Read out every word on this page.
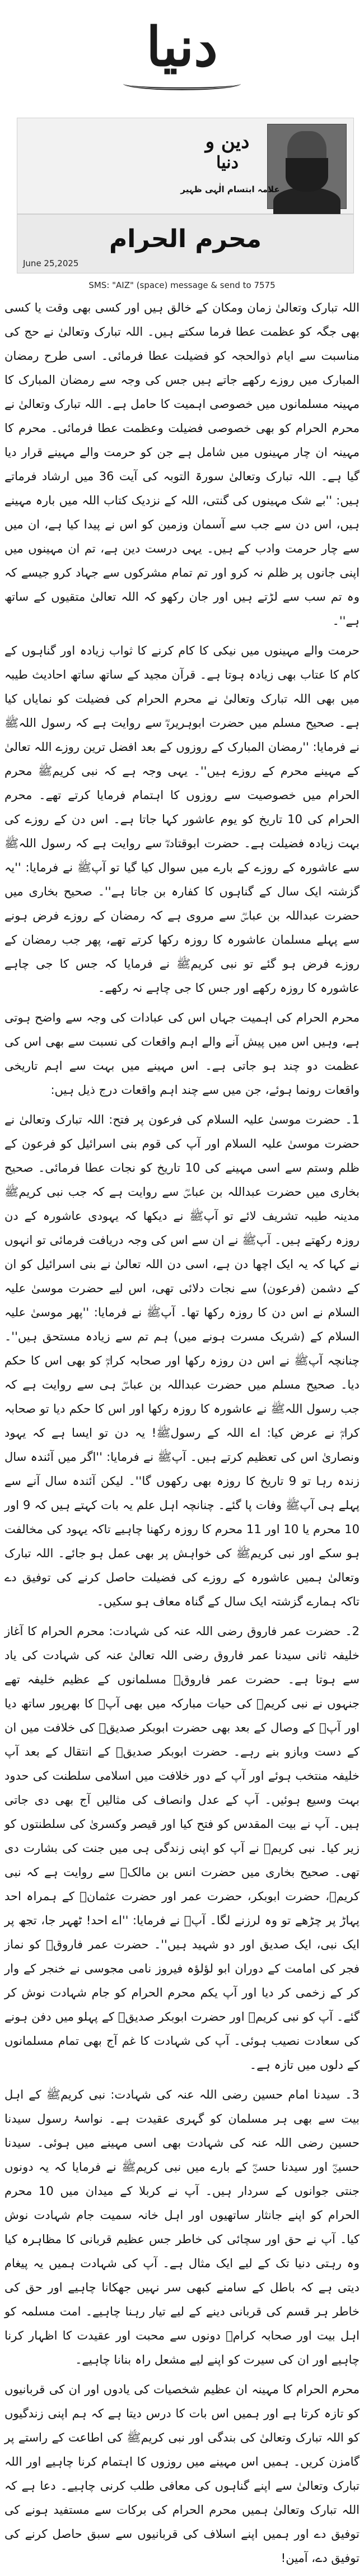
دنیا
دین و
دنیا
علامہ ابتسام الٰہی ظہیر
محرم الحرام
June 25,2025
SMS: "AIZ" (space) message & send to 7575

اللہ تبارک وتعالیٰ زمان ومکان کے خالق ہیں اور کسی بھی وقت یا کسی بھی جگہ کو عظمت عطا فرما سکتے ہیں۔ اللہ تبارک وتعالیٰ نے حج کی مناسبت سے ایام ذوالحجہ کو فضیلت عطا فرمائی۔ اسی طرح رمضان المبارک میں روزے رکھے جاتے ہیں جس کی وجہ سے رمضان المبارک کا مہینہ مسلمانوں میں خصوصی اہمیت کا حامل ہے۔ اللہ تبارک وتعالیٰ نے محرم الحرام کو بھی خصوصی فضیلت وعظمت عطا فرمائی۔ محرم کا مہینہ ان چار مہینوں میں شامل ہے جن کو حرمت والے مہینے قرار دیا گیا ہے۔ اللہ تبارک وتعالیٰ سورۃ التوبہ کی آیت 36 میں ارشاد فرماتے ہیں: ''بے شک مہینوں کی گنتی، اللہ کے نزدیک کتاب اللہ میں بارہ مہینے ہیں، اس دن سے جب سے آسمان وزمین کو اس نے پیدا کیا ہے، ان میں سے چار حرمت وادب کے ہیں۔ یہی درست دین ہے، تم ان مہینوں میں اپنی جانوں پر ظلم نہ کرو اور تم تمام مشرکوں سے جہاد کرو جیسے کہ وہ تم سب سے لڑتے ہیں اور جان رکھو کہ اللہ تعالیٰ متقیوں کے ساتھ ہے''۔

حرمت والے مہینوں میں نیکی کا کام کرنے کا ثواب زیادہ اور گناہوں کے کام کا عتاب بھی زیادہ ہوتا ہے۔ قرآن مجید کے ساتھ ساتھ احادیث طیبہ میں بھی اللہ تبارک وتعالیٰ نے محرم الحرام کی فضیلت کو نمایاں کیا ہے۔ صحیح مسلم میں حضرت ابوہریرہؓ سے روایت ہے کہ رسول اللہﷺ نے فرمایا: ''رمضان المبارک کے روزوں کے بعد افضل ترین روزے اللہ تعالیٰ کے مہینے محرم کے روزے ہیں''۔ یہی وجہ ہے کہ نبی کریمﷺ محرم الحرام میں خصوصیت سے روزوں کا اہتمام فرمایا کرتے تھے۔ محرم الحرام کی 10 تاریخ کو یوم عاشور کہا جاتا ہے۔ اس دن کے روزے کی بہت زیادہ فضیلت ہے۔ حضرت ابوقتادہؓ سے روایت ہے کہ رسول اللہﷺ سے عاشورہ کے روزے کے بارے میں سوال کیا گیا تو آپﷺ نے فرمایا: ''یہ گزشتہ ایک سال کے گناہوں کا کفارہ بن جاتا ہے''۔ صحیح بخاری میں حضرت عبداللہ بن عباسؓ سے مروی ہے کہ رمضان کے روزے فرض ہونے سے پہلے مسلمان عاشورہ کا روزہ رکھا کرتے تھے، پھر جب رمضان کے روزے فرض ہو گئے تو نبی کریمﷺ نے فرمایا کہ جس کا جی چاہے عاشورہ کا روزہ رکھے اور جس کا جی چاہے نہ رکھے۔

محرم الحرام کی اہمیت جہاں اس کی عبادات کی وجہ سے واضح ہوتی ہے، وہیں اس میں پیش آنے والے اہم واقعات کی نسبت سے بھی اس کی عظمت دو چند ہو جاتی ہے۔ اس مہینے میں بہت سے اہم تاریخی واقعات رونما ہوئے، جن میں سے چند اہم واقعات درج ذیل ہیں:

1۔ حضرت موسیٰ علیہ السلام کی فرعون پر فتح: اللہ تبارک وتعالیٰ نے حضرت موسیٰ علیہ السلام اور آپ کی قوم بنی اسرائیل کو فرعون کے ظلم وستم سے اسی مہینے کی 10 تاریخ کو نجات عطا فرمائی۔ صحیح بخاری میں حضرت عبداللہ بن عباسؓ سے روایت ہے کہ جب نبی کریمﷺ مدینہ طیبہ تشریف لائے تو آپﷺ نے دیکھا کہ یہودی عاشورہ کے دن روزہ رکھتے ہیں۔ آپﷺ نے ان سے اس کی وجہ دریافت فرمائی تو انہوں نے کہا کہ یہ ایک اچھا دن ہے، اسی دن اللہ تعالیٰ نے بنی اسرائیل کو ان کے دشمن (فرعون) سے نجات دلائی تھی، اس لیے حضرت موسیٰ علیہ السلام نے اس دن کا روزہ رکھا تھا۔ آپﷺ نے فرمایا: ''پھر موسیٰ علیہ السلام کے (شریک مسرت ہونے میں) ہم تم سے زیادہ مستحق ہیں''۔ چنانچہ آپﷺ نے اس دن روزہ رکھا اور صحابہ کرامؓ کو بھی اس کا حکم دیا۔ صحیح مسلم میں حضرت عبداللہ بن عباسؓ ہی سے روایت ہے کہ جب رسول اللہﷺ نے عاشورہ کا روزہ رکھا اور اس کا حکم دیا تو صحابہ کرامؓ نے عرض کیا: اے اللہ کے رسولﷺ! یہ دن تو ایسا ہے کہ یہود ونصاریٰ اس کی تعظیم کرتے ہیں۔ آپﷺ نے فرمایا: ''اگر میں آئندہ سال زندہ رہا تو 9 تاریخ کا روزہ بھی رکھوں گا''۔ لیکن آئندہ سال آنے سے پہلے ہی آپﷺ وفات پا گئے۔ چنانچہ اہل علم یہ بات کہتے ہیں کہ 9 اور 10 محرم یا 10 اور 11 محرم کا روزہ رکھنا چاہیے تاکہ یہود کی مخالفت ہو سکے اور نبی کریمﷺ کی خواہش پر بھی عمل ہو جائے۔ اللہ تبارک وتعالیٰ ہمیں عاشورہ کے روزے کی فضیلت حاصل کرنے کی توفیق دے تاکہ ہمارے گزشتہ ایک سال کے گناہ معاف ہو سکیں۔

2۔ حضرت عمر فاروق رضی اللہ عنہ کی شہادت: محرم الحرام کا آغاز خلیفہ ثانی سیدنا عمر فاروق رضی اللہ تعالیٰ عنہ کی شہادت کی یاد سے ہوتا ہے۔ حضرت عمر فاروقؓ مسلمانوں کے عظیم خلیفہ تھے جنہوں نے نبی کریمﷺ کی حیات مبارکہ میں بھی آپﷺ کا بھرپور ساتھ دیا اور آپﷺ کے وصال کے بعد بھی حضرت ابوبکر صدیقؓ کی خلافت میں ان کے دست وبازو بنے رہے۔ حضرت ابوبکر صدیقؓ کے انتقال کے بعد آپ خلیفہ منتخب ہوئے اور آپ کے دور خلافت میں اسلامی سلطنت کی حدود بہت وسیع ہوئیں۔ آپ کے عدل وانصاف کی مثالیں آج بھی دی جاتی ہیں۔ آپ نے بیت المقدس کو فتح کیا اور قیصر وکسریٰ کی سلطنتوں کو زیر کیا۔ نبی کریمﷺ نے آپ کو اپنی زندگی ہی میں جنت کی بشارت دی تھی۔ صحیح بخاری میں حضرت انس بن مالکؓ سے روایت ہے کہ نبی کریمﷺ، حضرت ابوبکر، حضرت عمر اور حضرت عثمانؓ کے ہمراہ احد پہاڑ پر چڑھے تو وہ لرزنے لگا۔ آپﷺ نے فرمایا: ''اے احد! ٹھہر جا، تجھ پر ایک نبی، ایک صدیق اور دو شہید ہیں''۔ حضرت عمر فاروقؓ کو نماز فجر کی امامت کے دوران ابو لؤلؤہ فیروز نامی مجوسی نے خنجر کے وار کر کے زخمی کر دیا اور آپ یکم محرم الحرام کو جام شہادت نوش کر گئے۔ آپ کو نبی کریمﷺ اور حضرت ابوبکر صدیقؓ کے پہلو میں دفن ہونے کی سعادت نصیب ہوئی۔ آپ کی شہادت کا غم آج بھی تمام مسلمانوں کے دلوں میں تازہ ہے۔

3۔ سیدنا امام حسین رضی اللہ عنہ کی شہادت: نبی کریمﷺ کے اہل بیت سے بھی ہر مسلمان کو گہری عقیدت ہے۔ نواسۂ رسول سیدنا حسین رضی اللہ عنہ کی شہادت بھی اسی مہینے میں ہوئی۔ سیدنا حسینؓ اور سیدنا حسنؓ کے بارے میں نبی کریمﷺ نے فرمایا کہ یہ دونوں جنتی جوانوں کے سردار ہیں۔ آپ نے کربلا کے میدان میں 10 محرم الحرام کو اپنے جانثار ساتھیوں اور اہل خانہ سمیت جام شہادت نوش کیا۔ آپ نے حق اور سچائی کی خاطر جس عظیم قربانی کا مظاہرہ کیا وہ رہتی دنیا تک کے لیے ایک مثال ہے۔ آپ کی شہادت ہمیں یہ پیغام دیتی ہے کہ باطل کے سامنے کبھی سر نہیں جھکانا چاہیے اور حق کی خاطر ہر قسم کی قربانی دینے کے لیے تیار رہنا چاہیے۔ امت مسلمہ کو اہل بیت اور صحابہ کرامؓ دونوں سے محبت اور عقیدت کا اظہار کرنا چاہیے اور ان کی سیرت کو اپنے لیے مشعل راہ بنانا چاہیے۔

محرم الحرام کا مہینہ ان عظیم شخصیات کی یادوں اور ان کی قربانیوں کو تازہ کرتا ہے اور ہمیں اس بات کا درس دیتا ہے کہ ہم اپنی زندگیوں کو اللہ تبارک وتعالیٰ کی بندگی اور نبی کریمﷺ کی اطاعت کے راستے پر گامزن کریں۔ ہمیں اس مہینے میں روزوں کا اہتمام کرنا چاہیے اور اللہ تبارک وتعالیٰ سے اپنے گناہوں کی معافی طلب کرنی چاہیے۔ دعا ہے کہ اللہ تبارک وتعالیٰ ہمیں محرم الحرام کی برکات سے مستفید ہونے کی توفیق دے اور ہمیں اپنے اسلاف کی قربانیوں سے سبق حاصل کرنے کی توفیق دے، آمین!
